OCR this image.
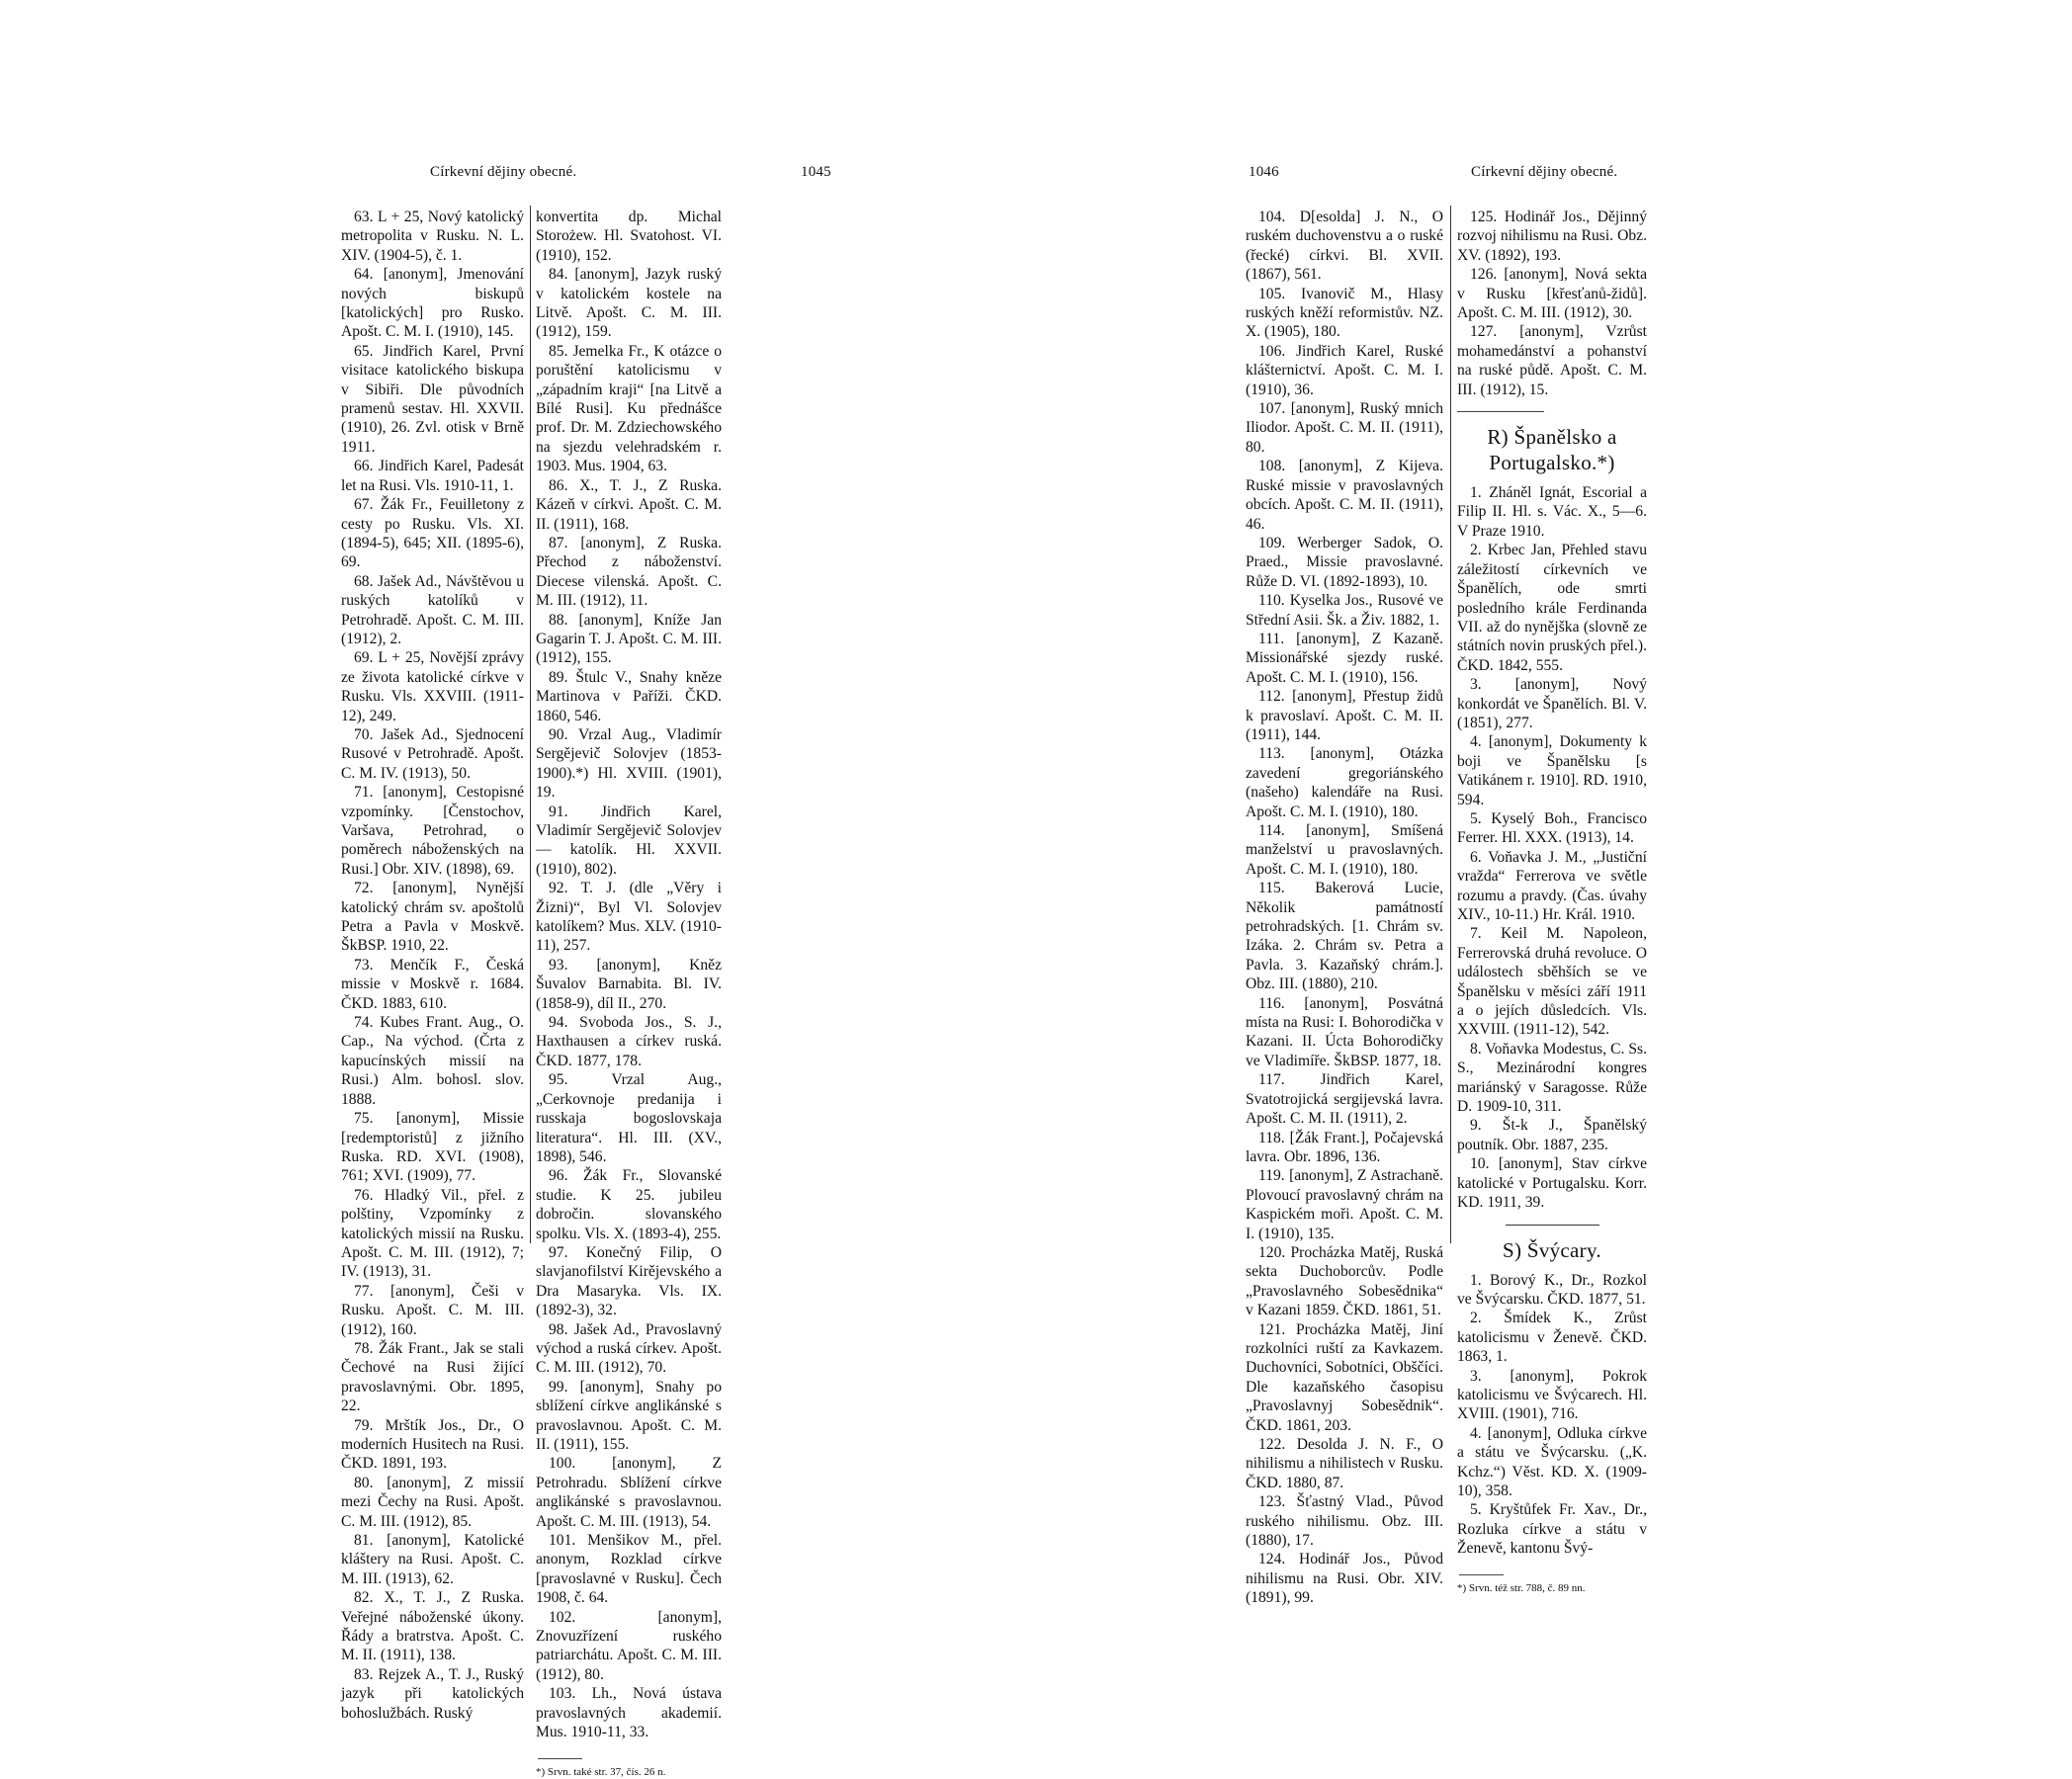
Církevní dějiny obecné.	1045

63. L + 25, Nový katolický metropolita v Rusku. N. L. XIV. (1904-5), č. 1.

64. [anonym], Jmenování nových biskupů [katolických] pro Rusko. Apošt. C. M. I. (1910), 145.

65. Jindřich Karel, První visitace katolického biskupa v Sibiři. Dle původních pramenů sestav. Hl. XXVII. (1910), 26. Zvl. otisk v Brně 1911.

66. Jindřich Karel, Padesát let na Rusi. Vls. 1910-11, 1.

67. Žák Fr., Feuilletony z cesty po Rusku. Vls. XI. (1894-5), 645; XII. (1895-6), 69.

68. Jašek Ad., Návštěvou u ruských katolíků v Petrohradě. Apošt. C. M. III. (1912), 2.

69. L + 25, Novější zprávy ze života katolické církve v Rusku. Vls. XXVIII. (1911-12), 249.

70. Jašek Ad., Sjednocení Rusové v Petrohradě. Apošt. C. M. IV. (1913), 50.

71. [anonym], Cestopisné vzpomínky. [Čenstochov, Varšava, Petrohrad, o poměrech náboženských na Rusi.] Obr. XIV. (1898), 69.

72. [anonym], Nynější katolický chrám sv. apoštolů Petra a Pavla v Moskvě. ŠkBSP. 1910, 22.

73. Menčík F., Česká missie v Moskvě r. 1684. ČKD. 1883, 610.

74. Kubes Frant. Aug., O. Cap., Na východ. (Črta z kapucínských missií na Rusi.) Alm. bohosl. slov. 1888.

75. [anonym], Missie [redemptoristů] z jižního Ruska. RD. XVI. (1908), 761; XVI. (1909), 77.

76. Hladký Vil., přel. z polštiny, Vzpomínky z katolických missií na Rusku. Apošt. C. M. III. (1912), 7; IV. (1913), 31.

77. [anonym], Češi v Rusku. Apošt. C. M. III. (1912), 160.

78. Žák Frant., Jak se stali Čechové na Rusi žijící pravoslavnými. Obr. 1895, 22.

79. Mrštík Jos., Dr., O moderních Husitech na Rusi. ČKD. 1891, 193.

80. [anonym], Z missií mezi Čechy na Rusi. Apošt. C. M. III. (1912), 85.

81. [anonym], Katolické kláštery na Rusi. Apošt. C. M. III. (1913), 62.

82. X., T. J., Z Ruska. Veřejné náboženské úkony. Řády a bratrstva. Apošt. C. M. II. (1911), 138.

83. Rejzek A., T. J., Ruský jazyk při katolických bohoslužbách. Ruský

konvertita dp. Michal Storożew. Hl. Svatohost. VI. (1910), 152.

84. [anonym], Jazyk ruský v katolickém kostele na Litvě. Apošt. C. M. III. (1912), 159.

85. Jemelka Fr., K otázce o poruštění katolicismu v „západním kraji“ [na Litvě a Bílé Rusi]. Ku přednášce prof. Dr. M. Zdziechowského na sjezdu velehradském r. 1903. Mus. 1904, 63.

86. X., T. J., Z Ruska. Kázeň v církvi. Apošt. C. M. II. (1911), 168.

87. [anonym], Z Ruska. Přechod z náboženství. Diecese vilenská. Apošt. C. M. III. (1912), 11.

88. [anonym], Kníže Jan Gagarin T. J. Apošt. C. M. III. (1912), 155.

89. Štulc V., Snahy kněze Martinova v Paříži. ČKD. 1860, 546.

90. Vrzal Aug., Vladimír Sergějevič Solovjev (1853-1900).*) Hl. XVIII. (1901), 19.

91. Jindřich Karel, Vladimír Sergějevič Solovjev — katolík. Hl. XXVII. (1910), 802).

92. T. J. (dle „Věry i Žizni)“, Byl Vl. Solovjev katolíkem? Mus. XLV. (1910-11), 257.

93. [anonym], Kněz Šuvalov Barnabita. Bl. IV. (1858-9), díl II., 270.

94. Svoboda Jos., S. J., Haxthausen a církev ruská. ČKD. 1877, 178.

95. Vrzal Aug., „Cerkovnoje predanija i russkaja bogoslovskaja literatura“. Hl. III. (XV., 1898), 546.

96. Žák Fr., Slovanské studie. K 25. jubileu dobročin. slovanského spolku. Vls. X. (1893-4), 255.

97. Konečný Filip, O slavjanofilství Kirějevského a Dra Masaryka. Vls. IX. (1892-3), 32.

98. Jašek Ad., Pravoslavný východ a ruská církev. Apošt. C. M. III. (1912), 70.

99. [anonym], Snahy po sblížení církve anglikánské s pravoslavnou. Apošt. C. M. II. (1911), 155.

100. [anonym], Z Petrohradu. Sblížení církve anglikánské s pravoslavnou. Apošt. C. M. III. (1913), 54.

101. Menšikov M., přel. anonym, Rozklad církve [pravoslavné v Rusku]. Čech 1908, č. 64.

102. [anonym], Znovuzřízení ruského patriarchátu. Apošt. C. M. III. (1912), 80.

103. Lh., Nová ústava pravoslavných akademií. Mus. 1910-11, 33.

*) Srvn. také str. 37, čís. 26 n.

1046	Církevní dějiny obecné.

104. D[esolda] J. N., O ruském duchovenstvu a o ruské (řecké) církvi. Bl. XVII. (1867), 561.

105. Ivanovič M., Hlasy ruských kněží reformistův. NZ. X. (1905), 180.

106. Jindřich Karel, Ruské klášternictví. Apošt. C. M. I. (1910), 36.

107. [anonym], Ruský mnich Iliodor. Apošt. C. M. II. (1911), 80.

108. [anonym], Z Kijeva. Ruské missie v pravoslavných obcích. Apošt. C. M. II. (1911), 46.

109. Werberger Sadok, O. Praed., Missie pravoslavné. Růže D. VI. (1892-1893), 10.

110. Kyselka Jos., Rusové ve Střední Asii. Šk. a Živ. 1882, 1.

111. [anonym], Z Kazaně. Missionářské sjezdy ruské. Apošt. C. M. I. (1910), 156.

112. [anonym], Přestup židů k pravoslaví. Apošt. C. M. II. (1911), 144.

113. [anonym], Otázka zavedení gregoriánského (našeho) kalendáře na Rusi. Apošt. C. M. I. (1910), 180.

114. [anonym], Smíšená manželství u pravoslavných. Apošt. C. M. I. (1910), 180.

115. Bakerová Lucie, Několik památností petrohradských. [1. Chrám sv. Izáka. 2. Chrám sv. Petra a Pavla. 3. Kazaňský chrám.]. Obz. III. (1880), 210.

116. [anonym], Posvátná místa na Rusi: I. Bohorodička v Kazani. II. Úcta Bohorodičky ve Vladimíře. ŠkBSP. 1877, 18.

117. Jindřich Karel, Svatotrojická sergijevská lavra. Apošt. C. M. II. (1911), 2.

118. [Žák Frant.], Počajevská lavra. Obr. 1896, 136.

119. [anonym], Z Astrachaně. Plovoucí pravoslavný chrám na Kaspickém moři. Apošt. C. M. I. (1910), 135.

120. Procházka Matěj, Ruská sekta Duchoborcův. Podle „Pravoslavného Sobesědnika“ v Kazani 1859. ČKD. 1861, 51.

121. Procházka Matěj, Jiní rozkolníci ruští za Kavkazem. Duchovníci, Sobotníci, Obščíci. Dle kazaňského časopisu „Pravoslavnyj Sobesědnik“. ČKD. 1861, 203.

122. Desolda J. N. F., O nihilismu a nihilistech v Rusku. ČKD. 1880, 87.

123. Šťastný Vlad., Původ ruského nihilismu. Obz. III. (1880), 17.

124. Hodinář Jos., Původ nihilismu na Rusi. Obr. XIV. (1891), 99.

125. Hodinář Jos., Dějinný rozvoj nihilismu na Rusi. Obz. XV. (1892), 193.

126. [anonym], Nová sekta v Rusku [křesťanů-židů]. Apošt. C. M. III. (1912), 30.

127. [anonym], Vzrůst mohamedánství a pohanství na ruské půdě. Apošt. C. M. III. (1912), 15.

R) Španělsko a Portugalsko.*)

1. Zháněl Ignát, Escorial a Filip II. Hl. s. Vác. X., 5—6. V Praze 1910.

2. Krbec Jan, Přehled stavu záležitostí církevních ve Španělích, ode smrti posledního krále Ferdinanda VII. až do nynějška (slovně ze státních novin pruských přel.). ČKD. 1842, 555.

3. [anonym], Nový konkordát ve Španělích. Bl. V. (1851), 277.

4. [anonym], Dokumenty k boji ve Španělsku [s Vatikánem r. 1910]. RD. 1910, 594.

5. Kyselý Boh., Francisco Ferrer. Hl. XXX. (1913), 14.

6. Voňavka J. M., „Justiční vražda“ Ferrerova ve světle rozumu a pravdy. (Čas. úvahy XIV., 10-11.) Hr. Král. 1910.

7. Keil M. Napoleon, Ferrerovská druhá revoluce. O událostech sběhších se ve Španělsku v měsíci září 1911 a o jejích důsledcích. Vls. XXVIII. (1911-12), 542.

8. Voňavka Modestus, C. Ss. S., Mezinárodní kongres mariánský v Saragosse. Růže D. 1909-10, 311.

9. Št-k J., Španělský poutník. Obr. 1887, 235.

10. [anonym], Stav církve katolické v Portugalsku. Korr. KD. 1911, 39.

S) Švýcary.

1. Borový K., Dr., Rozkol ve Švýcarsku. ČKD. 1877, 51.

2. Šmídek K., Zrůst katolicismu v Ženevě. ČKD. 1863, 1.

3. [anonym], Pokrok katolicismu ve Švýcarech. Hl. XVIII. (1901), 716.

4. [anonym], Odluka církve a státu ve Švýcarsku. („K. Kchz.“) Věst. KD. X. (1909-10), 358.

5. Kryštůfek Fr. Xav., Dr., Rozluka církve a státu v Ženevě, kantonu Švý-

*) Srvn. též str. 788, č. 89 nn.
